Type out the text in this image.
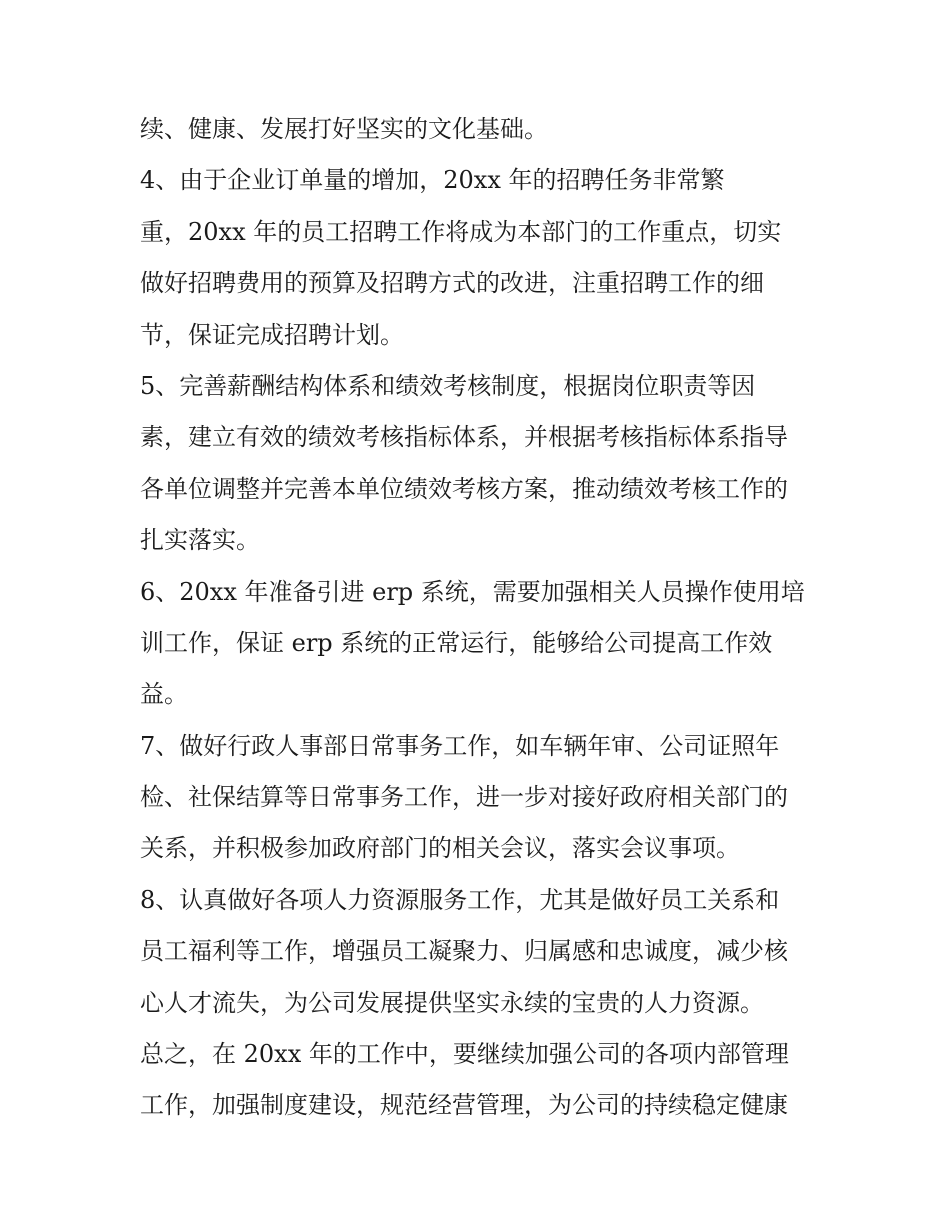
续、健康、发展打好坚实的文化基础。
4、由于企业订单量的增加，20xx 年的招聘任务非常繁
重，20xx 年的员工招聘工作将成为本部门的工作重点，切实
做好招聘费用的预算及招聘方式的改进，注重招聘工作的细
节，保证完成招聘计划。
5、完善薪酬结构体系和绩效考核制度，根据岗位职责等因
素，建立有效的绩效考核指标体系，并根据考核指标体系指导
各单位调整并完善本单位绩效考核方案，推动绩效考核工作的
扎实落实。
6、20xx 年准备引进 erp 系统，需要加强相关人员操作使用培
训工作，保证 erp 系统的正常运行，能够给公司提高工作效
益。
7、做好行政人事部日常事务工作，如车辆年审、公司证照年
检、社保结算等日常事务工作，进一步对接好政府相关部门的
关系，并积极参加政府部门的相关会议，落实会议事项。
8、认真做好各项人力资源服务工作，尤其是做好员工关系和
员工福利等工作，增强员工凝聚力、归属感和忠诚度，减少核
心人才流失，为公司发展提供坚实永续的宝贵的人力资源。
总之，在 20xx 年的工作中，要继续加强公司的各项内部管理
工作，加强制度建设，规范经营管理，为公司的持续稳定健康
